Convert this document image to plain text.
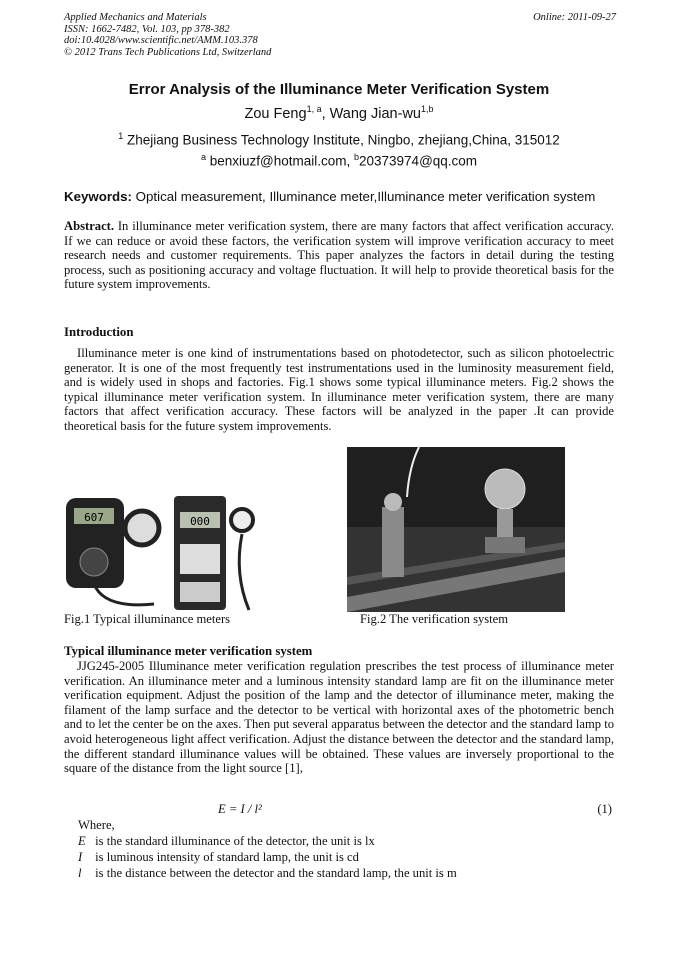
Applied Mechanics and Materials
ISSN: 1662-7482, Vol. 103, pp 378-382
doi:10.4028/www.scientific.net/AMM.103.378
© 2012 Trans Tech Publications Ltd, Switzerland
Online: 2011-09-27
Error Analysis of the Illuminance Meter Verification System
Zou Feng$^{1, a}$, Wang Jian-wu$^{1,b}$
$^1$ Zhejiang Business Technology Institute, Ningbo, zhejiang,China, 315012
$^a$ benxiuzf@hotmail.com, $^b$20373974@qq.com
Keywords: Optical measurement, Illuminance meter,Illuminance meter verification system
Abstract. In illuminance meter verification system, there are many factors that affect verification accuracy. If we can reduce or avoid these factors, the verification system will improve verification accuracy to meet research needs and customer requirements. This paper analyzes the factors in detail during the testing process, such as positioning accuracy and voltage fluctuation. It will help to provide theoretical basis for the future system improvements.
Introduction
Illuminance meter is one kind of instrumentations based on photodetector, such as silicon photoelectric generator. It is one of the most frequently test instrumentations used in the luminosity measurement field, and is widely used in shops and factories. Fig.1 shows some typical illuminance meters. Fig.2 shows the typical illuminance meter verification system. In illuminance meter verification system, there are many factors that affect verification accuracy. These factors will be analyzed in the paper .It can provide theoretical basis for the future system improvements.
607	000
Fig.1 Typical illuminance meters	Fig.2 The verification system
Typical illuminance meter verification system
JJG245-2005 Illuminance meter verification regulation prescribes the test process of illuminance meter verification. An illuminance meter and a luminous intensity standard lamp are fit on the illuminance meter verification equipment. Adjust the position of the lamp and the detector of illuminance meter, making the filament of the lamp surface and the detector to be vertical with horizontal axes of the photometric bench and to let the center be on the axes. Then put several apparatus between the detector and the standard lamp to avoid heterogeneous light affect verification. Adjust the distance between the detector and the standard lamp, the different standard illuminance values will be obtained. These values are inversely proportional to the square of the distance from the light source [1],
E = I / l²	(1)
Where,
E is the standard illuminance of the detector, the unit is lx
I is luminous intensity of standard lamp, the unit is cd
l is the distance between the detector and the standard lamp, the unit is m
